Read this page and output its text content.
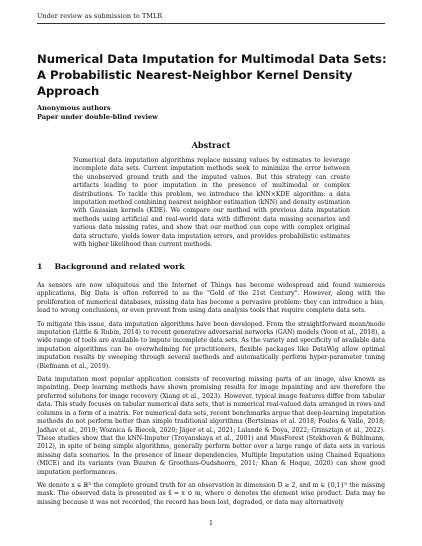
Under review as submission to TMLR
Numerical Data Imputation for Multimodal Data Sets:
A Probabilistic Nearest-Neighbor Kernel Density Approach
Anonymous authors
Paper under double-blind review
Abstract
Numerical data imputation algorithms replace missing values by estimates to leverage incomplete data sets. Current imputation methods seek to minimize the error between the unobserved ground truth and the imputed values. But this strategy can create artifacts leading to poor imputation in the presence of multimodal or complex distributions. To tackle this problem, we introduce the kNN×KDE algorithm: a data imputation method combining nearest neighbor estimation (kNN) and density estimation with Gaussian kernels (KDE). We compare our method with previous data imputation methods using artificial and real-world data with different data missing scenarios and various data missing rates, and show that our method can cope with complex original data structure, yields lower data imputation errors, and provides probabilistic estimates with higher likelihood than current methods.
1 Background and related work

As sensors are now ubiquitous and the Internet of Things has become widespread and found numerous applications, Big Data is often referred to as the "Gold of the 21st Century". However, along with the proliferation of numerical databases, missing data has become a pervasive problem: they can introduce a bias, lead to wrong conclusions, or even prevent from using data analysis tools that require complete data sets.

To mitigate this issue, data imputation algorithms have been developed. From the straightforward mean/mode imputation (Little & Rubin, 2014) to recent generative adversarial networks (GAN) models (Yoon et al., 2018), a wide range of tools are available to impute incomplete data sets. As the variety and specificity of available data imputation algorithms can be overwhelming for practitioners, flexible packages like DataWig allow optimal imputation results by sweeping through several methods and automatically perform hyper-parameter tuning (Biefmann et al., 2019).

Data imputation most popular application consists of recovering missing parts of an image, also known as inpainting. Deep learning methods have shown promising results for image inpainting and are therefore the preferred solutions for image recovery (Xiang et al., 2023). However, typical image features differ from tabular data. This study focuses on tabular numerical data sets, that is numerical real-valued data arranged in rows and columns in a form of a matrix. For numerical data sets, recent benchmarks argue that deep-learning imputation methods do not perform better than simple traditional algorithms (Bertsimas et al. 2018; Poulos & Valle, 2018; Jadhav et al., 2019; Woznica & Biecek, 2020; Jäger et al., 2021; Lalande & Doya, 2022; Grinsztajn et al., 2022). These studies show that the kNN-Imputer (Troyanskaya et al., 2001) and MissForest (Stekhoven & Bühlmann, 2012), in spite of being simple algorithms, generally perform better over a large range of data sets in various missing data scenarios. In the presence of linear dependencies, Multiple Imputation using Chained Equations (MICE) and its variants (van Buuren & Groothuis-Oudshoorn, 2011; Khan & Hoque, 2020) can show good imputation performances.

We denote x ∈ ℝᴰ the complete ground truth for an observation in dimension D ≥ 2, and m ∈ {0,1}ᴰ the missing mask. The observed data is presented as x̃ = x ⊙ m, where ⊙ denotes the element wise product. Data may be missing because it was not recorded, the record has been lost, degraded, or data may alternatively

1
